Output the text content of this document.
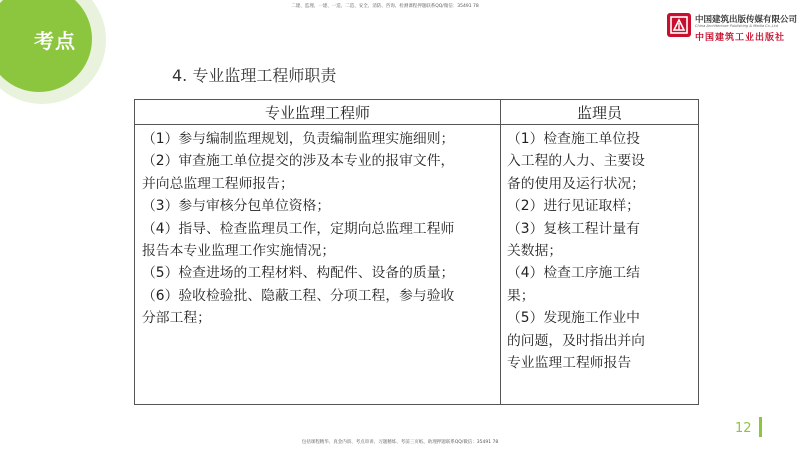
二建、监理、一建、一造、二造、安全、消防、咨询、检测课程押题联系QQ/微信：35491 78
考点
中国建筑出版传媒有限公司
China Architecture Publishing & Media Co.,Ltd
中国建筑工业出版社
4. 专业监理工程师职责
专业监理工程师	监理员
（1）参与编制监理规划，负责编制监理实施细则；
（2）审查施工单位提交的涉及本专业的报审文件，
并向总监理工程师报告；
（3）参与审核分包单位资格；
（4）指导、检查监理员工作，定期向总监理工程师
报告本专业监理工作实施情况；
（5）检查进场的工程材料、构配件、设备的质量；
（6）验收检验批、隐蔽工程、分项工程，参与验收
分部工程；
（1）检查施工单位投
入工程的人力、主要设
备的使用及运行状况；
（2）进行见证取样；
（3）复核工程计量有
关数据；
（4）检查工序施工结
果；
（5）发现施工作业中
的问题，及时指出并向
专业监理工程师报告
12
包括课程精华、真金内训、考点串讲、习题精炼、考前三页纸、助理押题联系QQ/微信：35491 78
